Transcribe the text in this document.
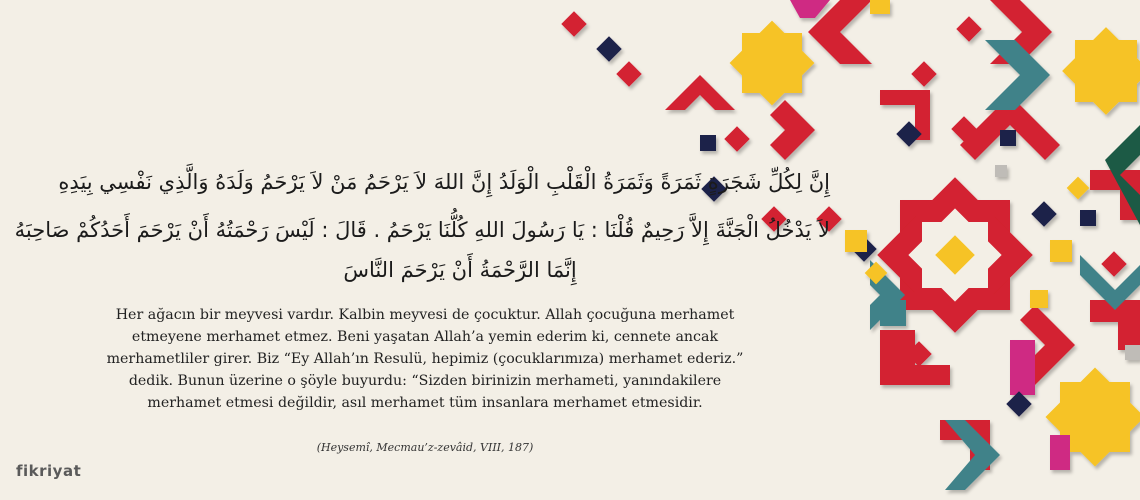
إِنَّ لِكُلِّ شَجَرَةٍ ثَمَرَةً وَثَمَرَةُ الْقَلْبِ الْوَلَدُ إِنَّ اللهَ لاَ يَرْحَمُ مَنْ لاَ يَرْحَمُ وَلَدَهُ وَالَّذِي نَفْسِي بِيَدِهِ
لاَ يَدْخُلُ الْجَنَّةَ إِلاَّ رَحِيمٌ قُلْنَا : يَا رَسُولَ اللهِ كُلُّنَا يَرْحَمُ . قَالَ : لَيْسَ رَحْمَتُهُ أَنْ يَرْحَمَ أَحَدُكُمْ صَاحِبَهُ
إِنَّمَا الرَّحْمَةُ أَنْ يَرْحَمَ النَّاسَ
Her ağacın bir meyvesi vardır. Kalbin meyvesi de çocuktur. Allah çocuğuna merhamet
etmeyene merhamet etmez. Beni yaşatan Allah’a yemin ederim ki, cennete ancak
merhametliler girer. Biz “Ey Allah’ın Resulü, hepimiz (çocuklarımıza) merhamet ederiz.”
dedik. Bunun üzerine o şöyle buyurdu: “Sizden birinizin merhameti, yanındakilere
merhamet etmesi değildir, asıl merhamet tüm insanlara merhamet etmesidir.
(Heysemî, Mecmau’z-zevâid, VIII, 187)
fikriyat
